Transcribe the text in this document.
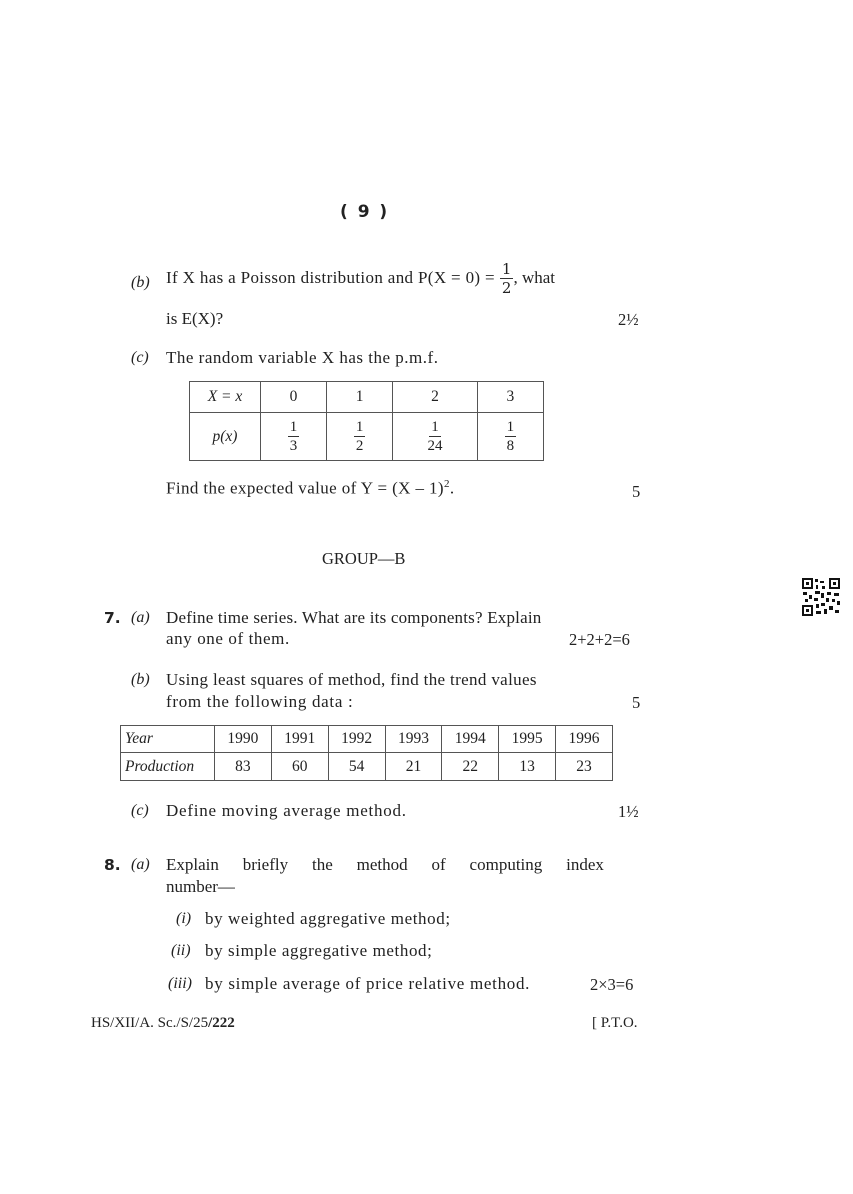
( 9 )
(b) If X has a Poisson distribution and $P(X = 0) = \frac{1}{2}$ , what
is E(X)?	2½
(c) The random variable X has the p.m.f.
X = x	0	1	2	3
p(x)	$\frac{1}{3}$	$\frac{1}{2}$	$\frac{1}{24}$	$\frac{1}{8}$
Find the expected value of Y = (X – 1)$^2$.	5
GROUP—B
7. (a) Define time series. What are its components? Explain
any one of them.	2+2+2=6
(b) Using least squares of method, find the trend values
from the following data :	5
Year	1990	1991	1992	1993	1994	1995	1996
Production	83	60	54	21	22	13	23
(c) Define moving average method.	1½
8. (a) Explain briefly the method of computing index
number—
(i) by weighted aggregative method;
(ii) by simple aggregative method;
(iii) by simple average of price relative method.	2×3=6
HS/XII/A. Sc./S/25/222	[ P.T.O.
